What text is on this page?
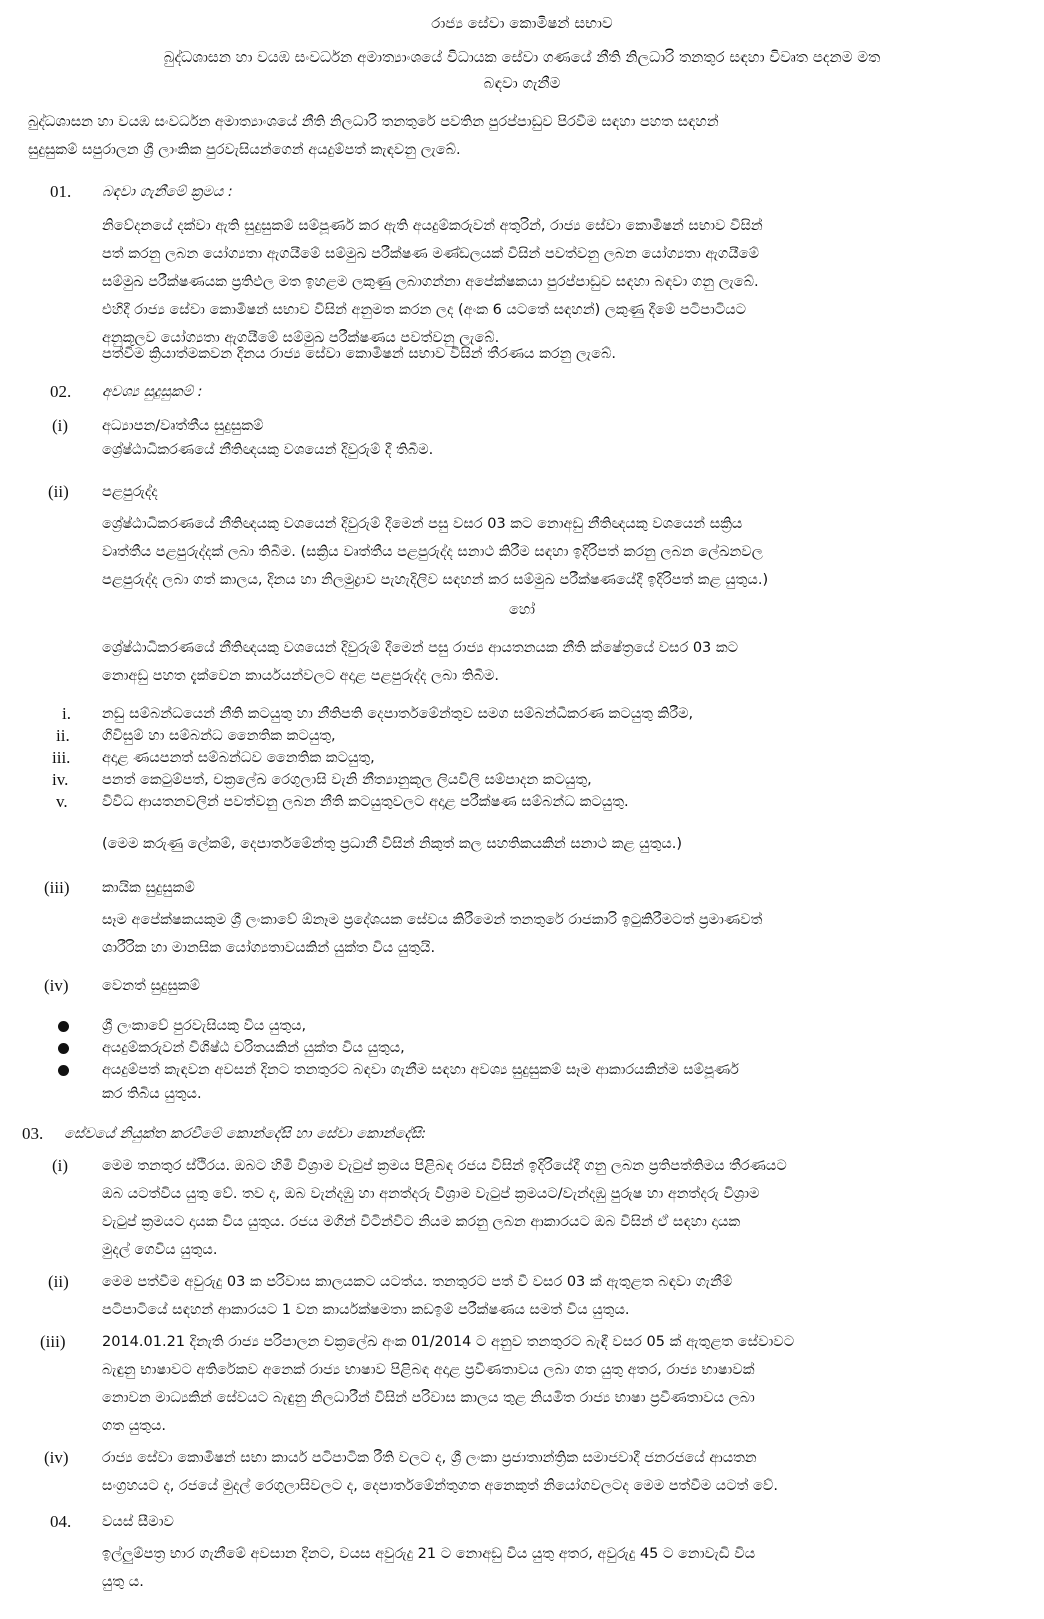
රාජ්‍ය සේවා කොමිෂන් සභාව
බුද්ධශාසන හා වයඹ සංවර්ධන අමාත්‍යාංශයේ විධායක සේවා ගණයේ නීති නිලධාරි තනතුර සඳහා විවෘත පදනම මත
බඳවා ගැනීම
බුද්ධශාසන හා වයඹ සංවර්ධන අමාත්‍යාංශයේ නීති නිලධාරි තනතුරේ පවතින පුරප්පාඩුව පිරවීම සඳහා පහත සඳහන්
සුදුසුකම් සපුරාලන ශ්‍රී ලාංකික පුරවැසියන්ගෙන් අයදුම්පත් කැඳවනු ලැබේ.
01. බඳවා ගැනීමේ ක්‍රමය :
නිවේදනයේ දක්වා ඇති සුදුසුකම් සම්පූර්ණ කර ඇති අයදුම්කරුවන් අතුරින්, රාජ්‍ය සේවා කොමිෂන් සභාව විසින්
පත් කරනු ලබන යෝග්‍යතා ඇගයීමේ සම්මුඛ පරීක්ෂණ මණ්ඩලයක් විසින් පවත්වනු ලබන යෝග්‍යතා ඇගයීමේ
සම්මුඛ පරීක්ෂණයක ප්‍රතිඵල මත ඉහළම ලකුණු ලබාගන්නා අපේක්ෂකයා පුරප්පාඩුව සඳහා බඳවා ගනු ලැබේ.
එහිදී රාජ්‍ය සේවා කොමිෂන් සභාව විසින් අනුමත කරන ලද (අංක 6 යටතේ සඳහන්) ලකුණු දීමේ පටිපාටියට
අනුකූලව යෝග්‍යතා ඇගයීමේ සම්මුඛ පරීක්ෂණය පවත්වනු ලැබේ.
පත්වීම ක්‍රියාත්මකවන දිනය රාජ්‍ය සේවා කොමිෂන් සභාව විසින් තීරණය කරනු ලැබේ.
02. අවශ්‍ය සුදුසුකම් :
(i) අධ්‍යාපන/වෘත්තීය සුදුසුකම්
ශ්‍රේෂ්ඨාධිකරණයේ නීතිඥයකු වශයෙන් දිවුරුම් දී තිබීම.
(ii) පළපුරුද්ද
ශ්‍රේෂ්ඨාධිකරණයේ නීතිඥයකු වශයෙන් දිවුරුම් දීමෙන් පසු වසර 03 කට නොඅඩු නීතිඥයකු වශයෙන් සක්‍රිය
වෘත්තීය පළපුරුද්දක් ලබා තිබීම. (සක්‍රිය වෘත්තීය පළපුරුද්ද සනාථ කිරීම සඳහා ඉදිරිපත් කරනු ලබන ලේඛනවල
පළපුරුද්ද ලබා ගත් කාලය, දිනය හා නිලමුද්‍රාව පැහැදිලිව සඳහන් කර සම්මුඛ පරීක්ෂණයේදී ඉදිරිපත් කළ යුතුය.)
හෝ
ශ්‍රේෂ්ඨාධිකරණයේ නීතිඥයකු වශයෙන් දිවුරුම් දීමෙන් පසු රාජ්‍ය ආයතනයක නීති ක්ෂේත්‍රයේ වසර 03 කට
නොඅඩු පහත දැක්වෙන කාර්යයන්වලට අදාළ පළපුරුද්ද ලබා තිබීම.
i. නඩු සම්බන්ධයෙන් නීති කටයුතු හා නීතිපති දෙපාර්තමේන්තුව සමග සම්බන්ධීකරණ කටයුතු කිරීම,
ii. ගිවිසුම් හා සම්බන්ධ නෛතික කටයුතු,
iii. අදාළ ණයපනත් සම්බන්ධව නෛතික කටයුතු,
iv. පනත් කෙටුම්පත්, චක්‍රලේඛ රෙගුලාසි වැනි නීත්‍යානුකූල ලියවිලි සම්පාදන කටයුතු,
v. විවිධ ආයතනවලින් පවත්වනු ලබන නීති කටයුතුවලට අදාළ පරීක්ෂණ සම්බන්ධ කටයුතු.
(මෙම කරුණු ලේකම්, දෙපාර්තමේන්තු ප්‍රධානී විසින් නිකුත් කල සහතිකයකින් සනාථ කළ යුතුය.)
(iii) කායික සුදුසුකම්
සෑම අපේක්ෂකයකුම ශ්‍රී ලංකාවේ ඕනෑම ප්‍රදේශයක සේවය කිරීමෙන් තනතුරේ රාජකාරි ඉටුකිරීමටත් ප්‍රමාණවත්
ශාරීරික හා මානසික යෝග්‍යතාවයකින් යුක්ත විය යුතුයි.
(iv) වෙනත් සුදුසුකම්
ශ්‍රී ලංකාවේ පුරවැසියකු විය යුතුය,
අයදුම්කරුවන් විශිෂ්ඨ චරිතයකින් යුක්ත විය යුතුය,
අයදුම්පත් කැඳවන අවසන් දිනට තනතුරට බඳවා ගැනීම සඳහා අවශ්‍ය සුදුසුකම් සෑම ආකාරයකින්ම සම්පූර්ණ
කර තිබිය යුතුය.
03. සේවයේ නියුක්ත කරවීමේ කොන්දේසි හා සේවා කොන්දේසි:
(i) මෙම තනතුර ස්ථිරය. ඔබට හිමි විශ්‍රාම වැටුප් ක්‍රමය පිළිබඳ රජය විසින් ඉදිරියේදී ගනු ලබන ප්‍රතිපත්තිමය තීරණයට
ඔබ යටත්විය යුතු වේ. තව ද, ඔබ වැන්දඹු හා අනත්දරු විශ්‍රාම වැටුප් ක්‍රමයට/වැන්දඹු පුරුෂ හා අනත්දරු විශ්‍රාම
වැටුප් ක්‍රමයට දායක විය යුතුය. රජය මගින් විටින්විට නියම කරනු ලබන ආකාරයට ඔබ විසින් ඒ සඳහා දායක
මුදල් ගෙවිය යුතුය.
(ii) මෙම පත්වීම අවුරුදු 03 ක පරිවාස කාලයකට යටත්ය. තනතුරට පත් වී වසර 03 ක් ඇතුළත බඳවා ගැනීම්
පටිපාටියේ සඳහන් ආකාරයට 1 වන කාර්යක්ෂමතා කඩඉම් පරීක්ෂණය සමත් විය යුතුය.
(iii)	2014.01.21 දිනැති රාජ්‍ය පරිපාලන චක්‍රලේඛ අංක 01/2014 ට අනුව තනතුරට බැඳී වසර 05 ක් ඇතුළත සේවාවට
බැඳුනු භාෂාවට අතිරේකව අනෙක් රාජ්‍ය භාෂාව පිළිබඳ අදාළ ප්‍රවීණතාවය ලබා ගත යුතු අතර, රාජ්‍ය භාෂාවක්
නොවන මාධ්‍යකින් සේවයට බැඳුනු නිලධාරීන් විසින් පරිවාස කාලය තුළ නියමිත රාජ්‍ය භාෂා ප්‍රවීණතාවය ලබා
ගත යුතුය.
(iv) රාජ්‍ය සේවා කොමිෂන් සභා කාර්ය පටිපාටික රීති වලට ද, ශ්‍රී ලංකා ප්‍රජාතාන්ත්‍රික සමාජවාදී ජනරජයේ ආයතන
සංග්‍රහයට ද, රජයේ මුදල් රෙගුලාසිවලට ද, දෙපාර්තමේන්තුගත අනෙකුත් නියෝගවලටද මෙම පත්වීම යටත් වේ.
04. වයස් සීමාව
ඉල්ලුම්පත්‍ර භාර ගැනීමේ අවසාන දිනට, වයස අවුරුදු 21 ට නොඅඩු විය යුතු අතර, අවුරුදු 45 ට නොවැඩි විය
යුතු ය.
